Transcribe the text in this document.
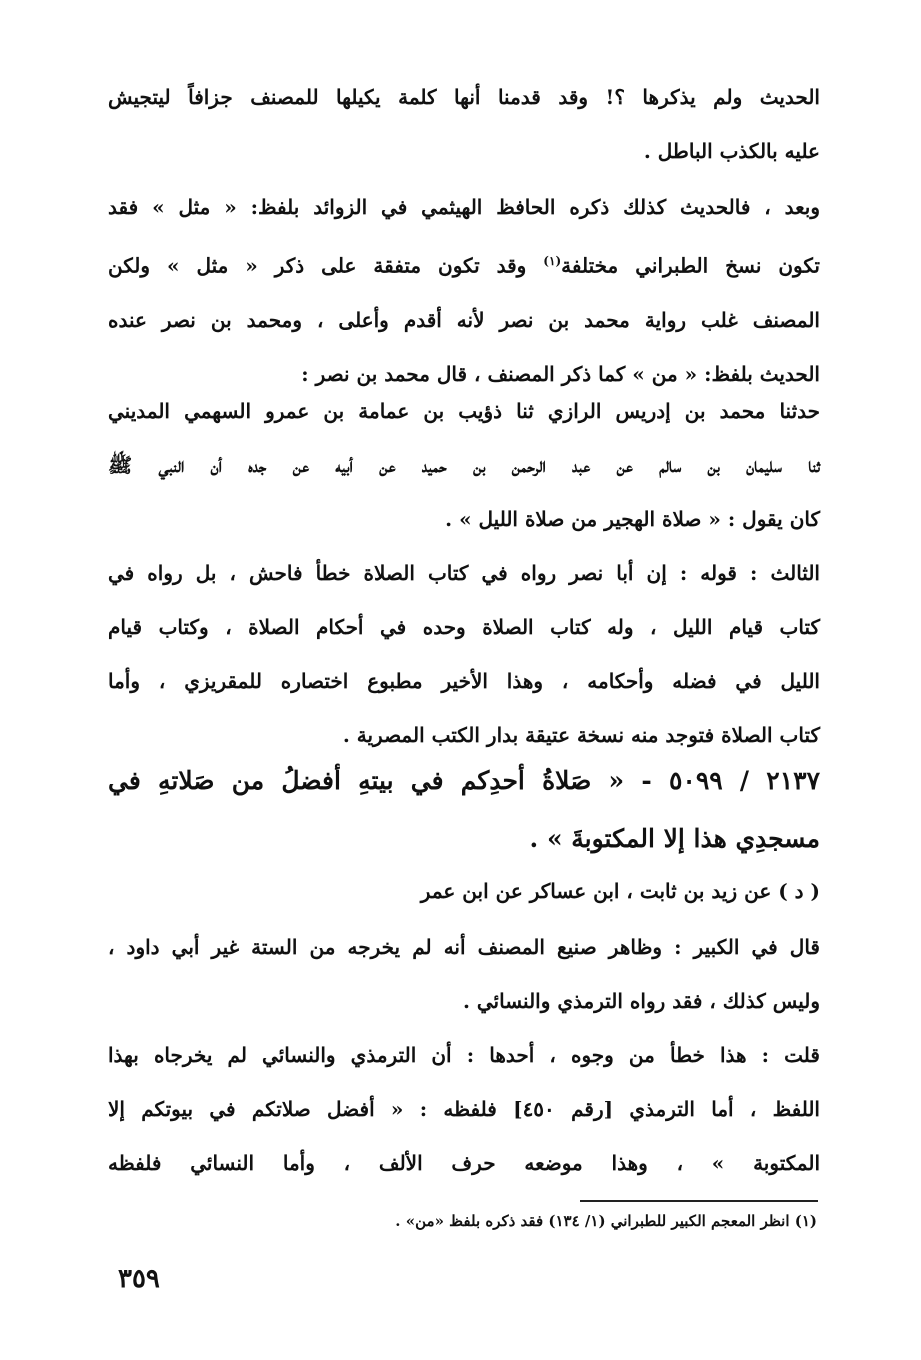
الحديث ولم يذكرها ؟! وقد قدمنا أنها كلمة يكيلها للمصنف جزافاً ليتجيش
عليه بالكذب الباطل .

وبعد ، فالحديث كذلك ذكره الحافظ الهيثمي في الزوائد بلفظ: « مثل » فقد
تكون نسخ الطبراني مختلفة$^{(١)}$ وقد تكون متفقة على ذكر « مثل » ولكن
المصنف غلب رواية محمد بن نصر لأنه أقدم وأعلى ، ومحمد بن نصر عنده
الحديث بلفظ: « من » كما ذكر المصنف ، قال محمد بن نصر :

حدثنا محمد بن إدريس الرازي ثنا ذؤيب بن عمامة بن عمرو السهمي المديني
ثنا سليمان بن سالم عن عبد الرحمن بن حميد عن أبيه عن جده أن النبي ﷺ
كان يقول : « صلاة الهجير من صلاة الليل » .

الثالث : قوله : إن أبا نصر رواه في كتاب الصلاة خطأ فاحش ، بل رواه في
كتاب قيام الليل ، وله كتاب الصلاة وحده في أحكام الصلاة ، وكتاب قيام
الليل في فضله وأحكامه ، وهذا الأخير مطبوع اختصاره للمقريزي ، وأما
كتاب الصلاة فتوجد منه نسخة عتيقة بدار الكتب المصرية .

٢١٣٧ / ٥٠٩٩ - « صَلاةُ أحدِكم في بيتهِ أفضلُ من صَلاتهِ في
مسجدِي هذا إلا المكتوبةَ » .

( د ) عن زيد بن ثابت ، ابن عساكر عن ابن عمر

قال في الكبير : وظاهر صنيع المصنف أنه لم يخرجه من الستة غير أبي داود ،
وليس كذلك ، فقد رواه الترمذي والنسائي .

قلت : هذا خطأ من وجوه ، أحدها : أن الترمذي والنسائي لم يخرجاه بهذا
اللفظ ، أما الترمذي [رقم ٤٥٠] فلفظه : « أفضل صلاتكم في بيوتكم إلا
المكتوبة » ، وهذا موضعه حرف الألف ، وأما النسائي فلفظه

(١) انظر المعجم الكبير للطبراني (١/ ١٣٤) فقد ذكره بلفظ «من» .
٣٥٩
